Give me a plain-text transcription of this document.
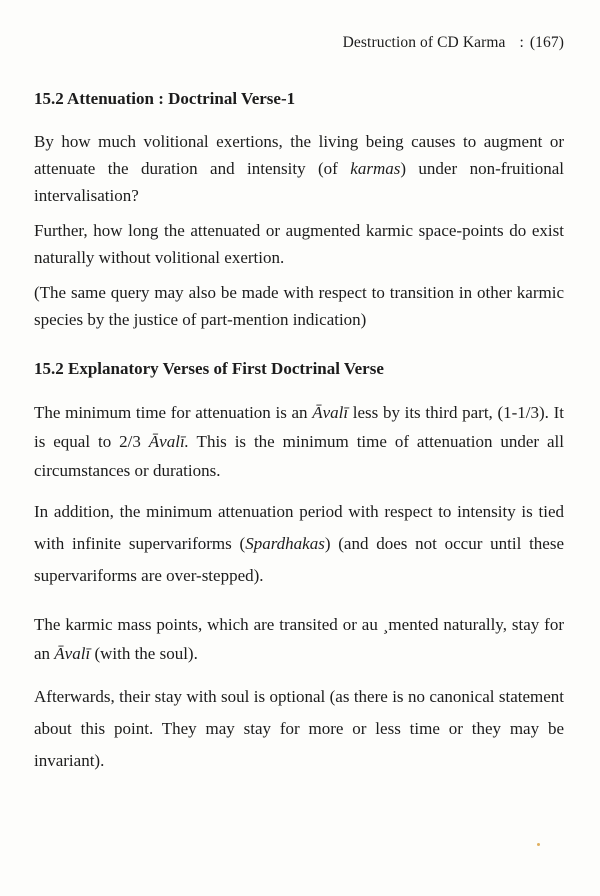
Destruction of CD Karma : (167)
15.2 Attenuation : Doctrinal Verse-1

By how much volitional exertions, the living being causes to augment or attenuate the duration and intensity (of karmas) under non-fruitional intervalisation?

Further, how long the attenuated or augmented karmic space-points do exist naturally without volitional exertion.

(The same query may also be made with respect to transition in other karmic species by the justice of part-mention indication)

15.2 Explanatory Verses of First Doctrinal Verse

The minimum time for attenuation is an Āvalī less by its third part, (1-1/3). It is equal to 2/3 Āvalī. This is the minimum time of attenuation under all circumstances or durations.

In addition, the minimum attenuation period with respect to intensity is tied with infinite supervariforms (Spardhakas) (and does not occur until these supervariforms are over-stepped).

The karmic mass points, which are transited or au ¸mented naturally, stay for an Āvalī (with the soul).

Afterwards, their stay with soul is optional (as there is no canonical statement about this point. They may stay for more or less time or they may be invariant).
